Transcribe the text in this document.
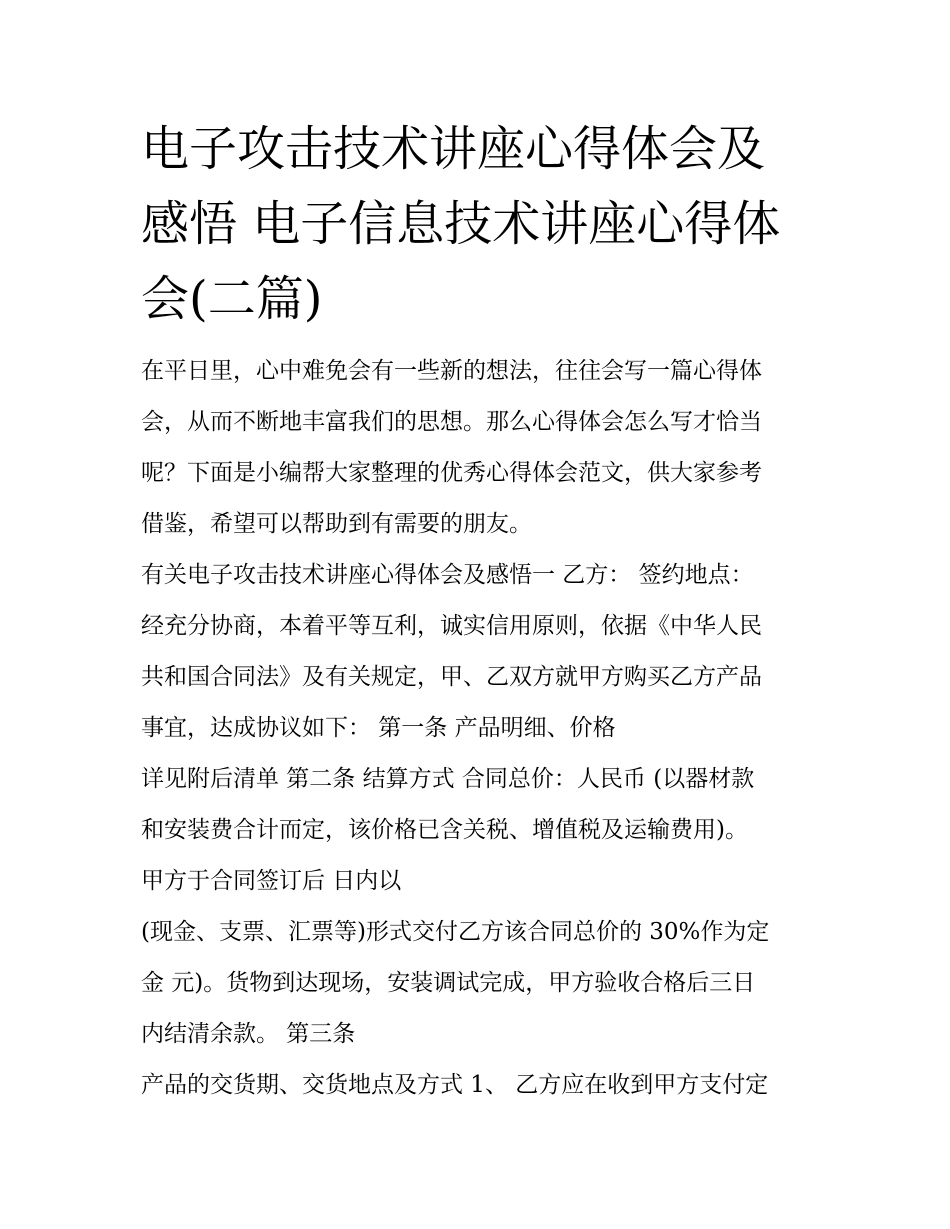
电子攻击技术讲座心得体会及
感悟 电子信息技术讲座心得体
会(二篇)

在平日里，心中难免会有一些新的想法，往往会写一篇心得体
会，从而不断地丰富我们的思想。那么心得体会怎么写才恰当
呢？下面是小编帮大家整理的优秀心得体会范文，供大家参考
借鉴，希望可以帮助到有需要的朋友。

有关电子攻击技术讲座心得体会及感悟一 乙方： 签约地点：
经充分协商，本着平等互利，诚实信用原则，依据《中华人民
共和国合同法》及有关规定，甲、乙双方就甲方购买乙方产品
事宜，达成协议如下： 第一条 产品明细、价格

详见附后清单 第二条 结算方式 合同总价：人民币 (以器材款
和安装费合计而定，该价格已含关税、增值税及运输费用)。
甲方于合同签订后 日内以

(现金、支票、汇票等)形式交付乙方该合同总价的 30%作为定
金 元)。货物到达现场，安装调试完成，甲方验收合格后三日
内结清余款。 第三条

产品的交货期、交货地点及方式 1、 乙方应在收到甲方支付定
